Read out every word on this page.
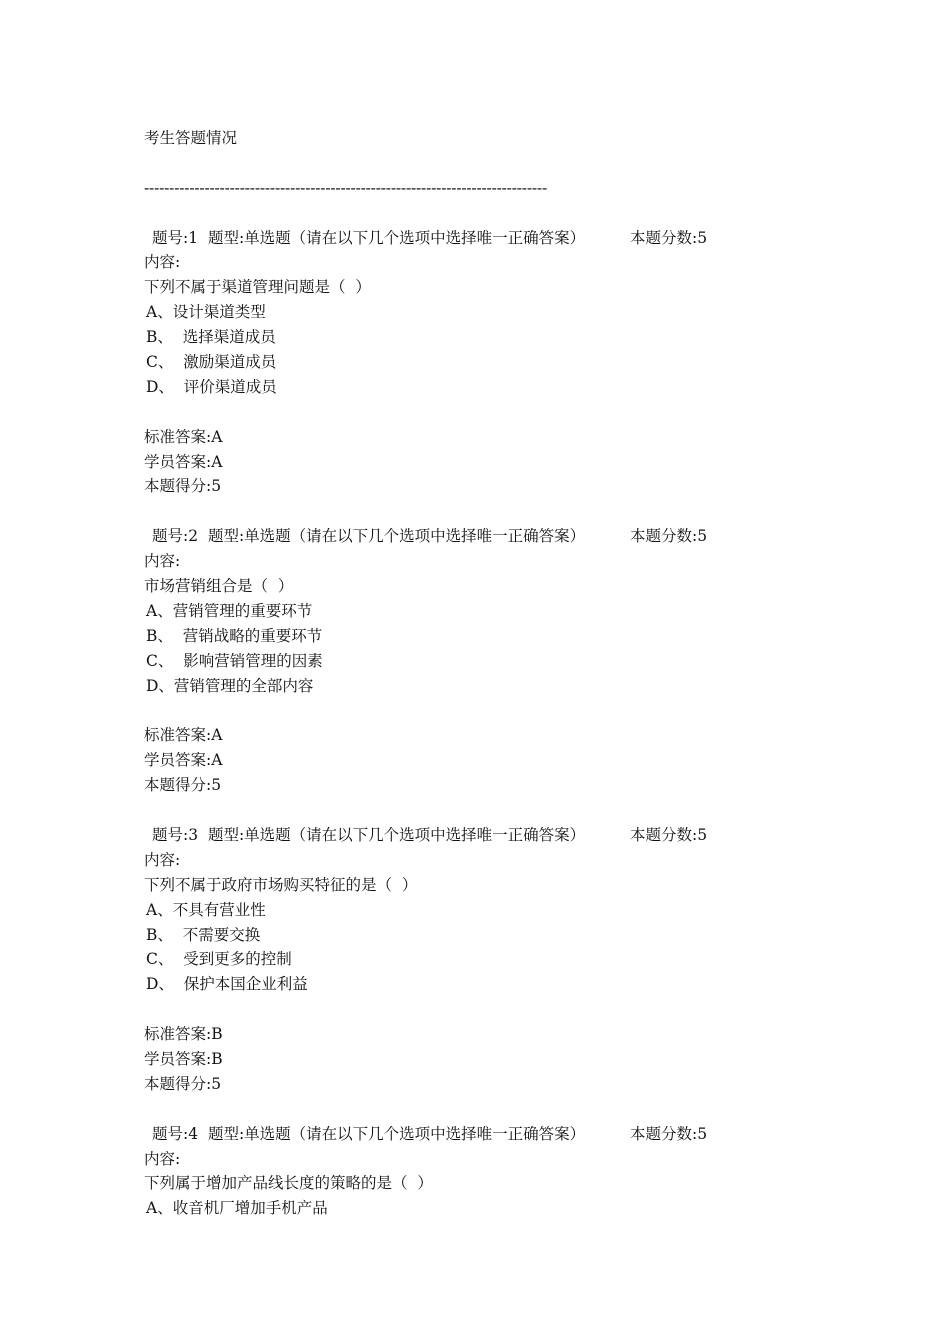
考生答题情况
--------------------------------------------------------------------------------
题号:1  题型:单选题（请在以下几个选项中选择唯一正确答案）	本题分数:5
内容:
下列不属于渠道管理问题是（  ）
A、设计渠道类型
B、  选择渠道成员
C、  激励渠道成员
D、  评价渠道成员
标准答案:A
学员答案:A
本题得分:5
题号:2  题型:单选题（请在以下几个选项中选择唯一正确答案）	本题分数:5
内容:
市场营销组合是（  ）
A、营销管理的重要环节
B、  营销战略的重要环节
C、  影响营销管理的因素
D、营销管理的全部内容
标准答案:A
学员答案:A
本题得分:5
题号:3  题型:单选题（请在以下几个选项中选择唯一正确答案）	本题分数:5
内容:
下列不属于政府市场购买特征的是（  ）
A、不具有营业性
B、  不需要交换
C、  受到更多的控制
D、  保护本国企业利益
标准答案:B
学员答案:B
本题得分:5
题号:4  题型:单选题（请在以下几个选项中选择唯一正确答案）	本题分数:5
内容:
下列属于增加产品线长度的策略的是（  ）
A、收音机厂增加手机产品
